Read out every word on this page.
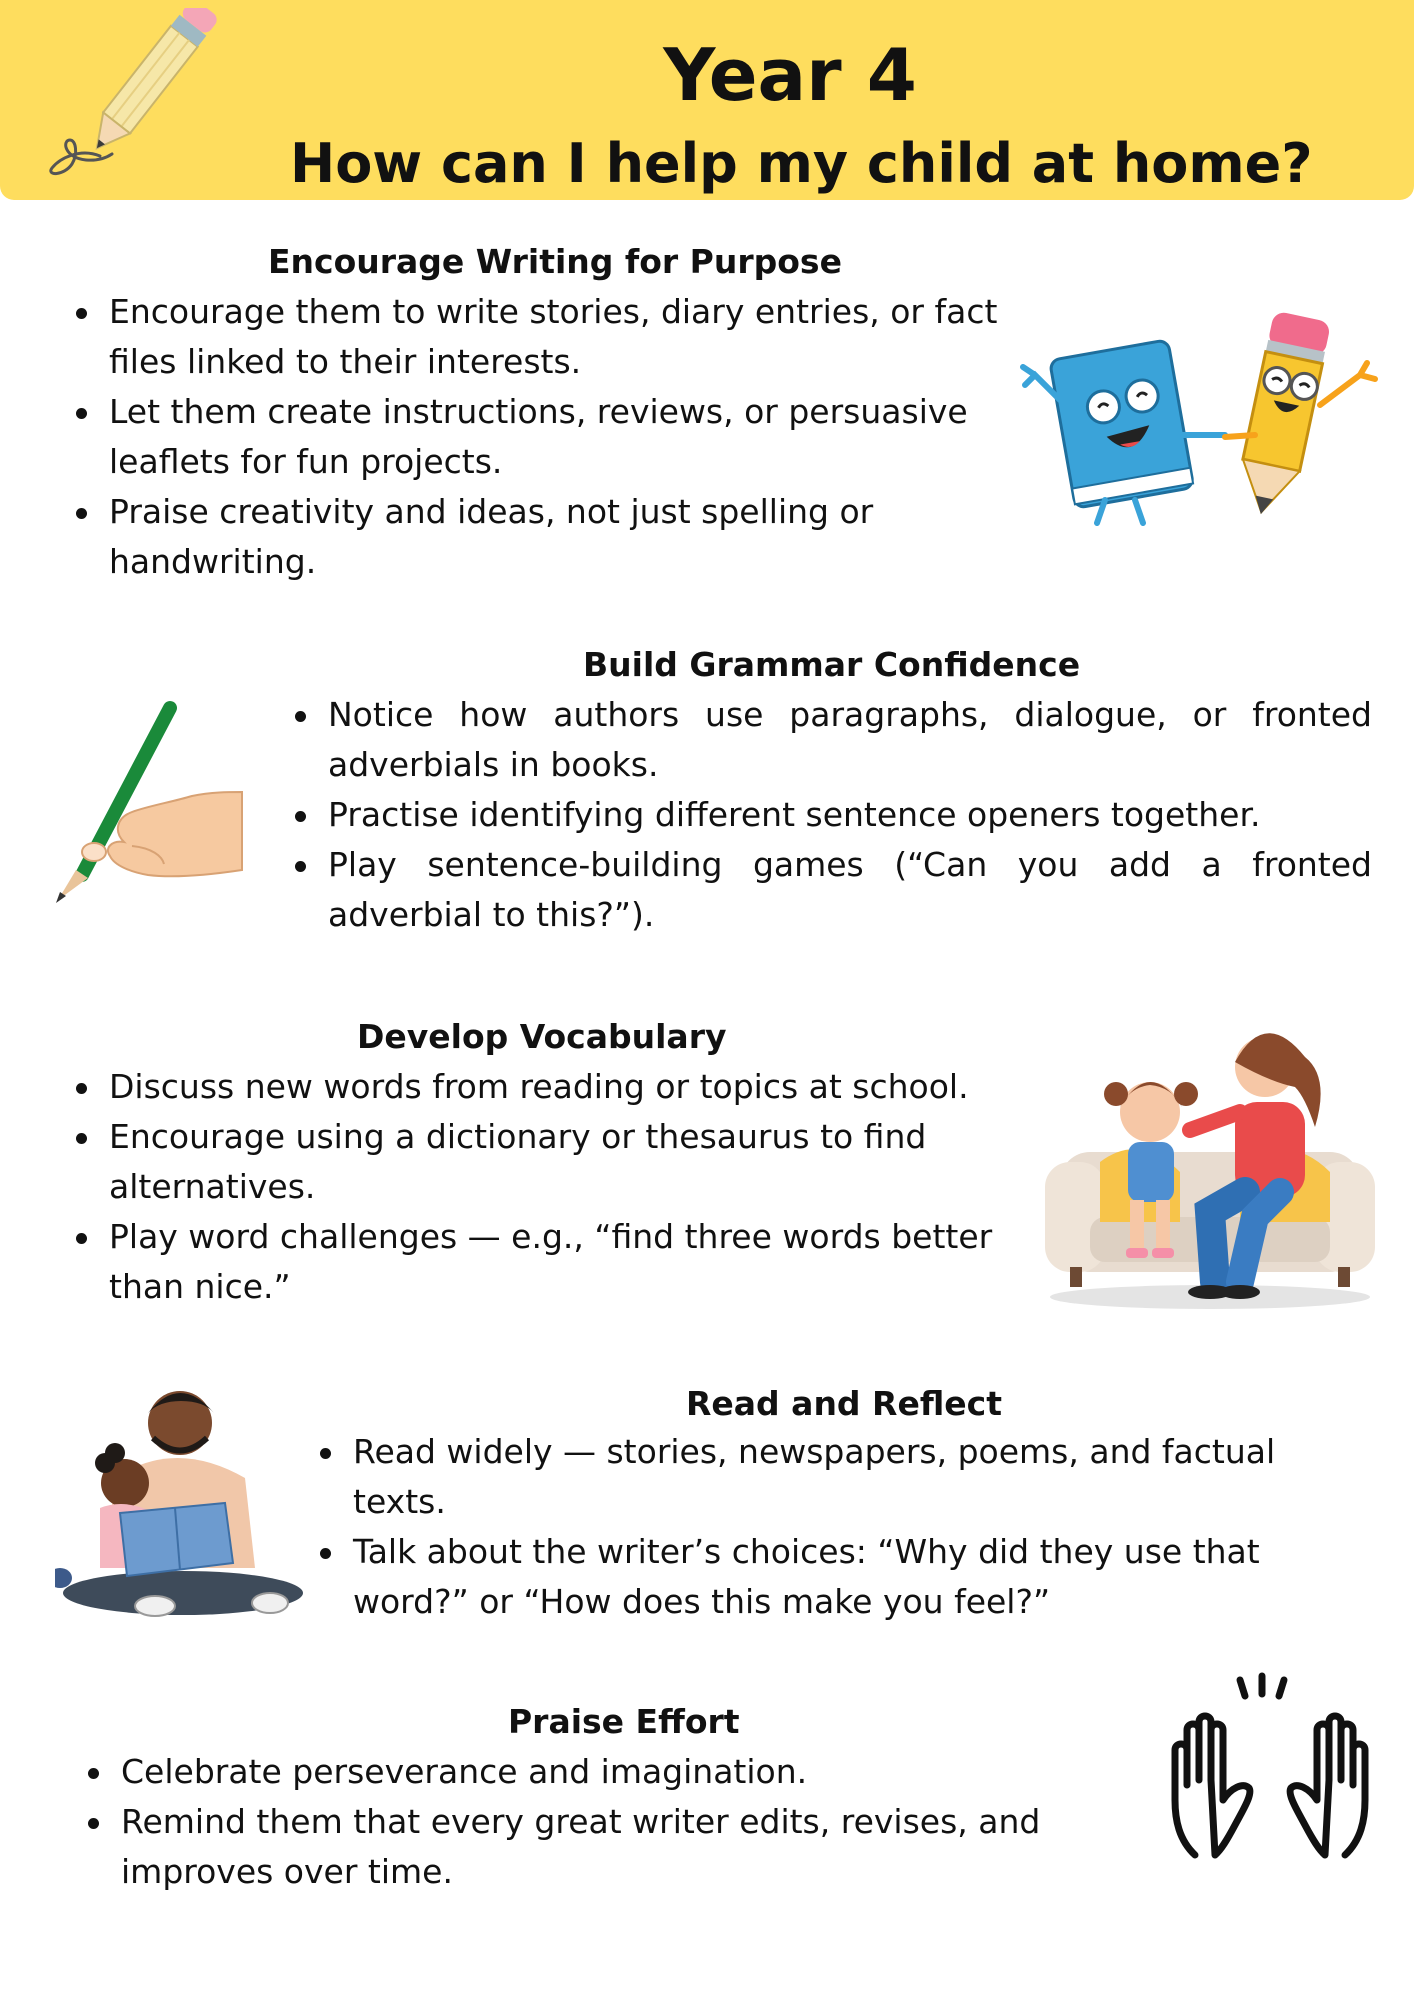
Year 4
How can I help my child at home?
Encourage Writing for Purpose
Encourage them to write stories, diary entries, or fact files linked to their interests.
Let them create instructions, reviews, or persuasive leaflets for fun projects.
Praise creativity and ideas, not just spelling or handwriting.
Build Grammar Confidence
Notice how authors use paragraphs, dialogue, or fronted adverbials in books.
Practise identifying different sentence openers together.
Play sentence-building games (“Can you add a fronted adverbial to this?”).
Develop Vocabulary
Discuss new words from reading or topics at school.
Encourage using a dictionary or thesaurus to find alternatives.
Play word challenges — e.g., “find three words better than nice.”
Read and Reflect
Read widely — stories, newspapers, poems, and factual texts.
Talk about the writer’s choices: “Why did they use that word?” or “How does this make you feel?”
Praise Effort
Celebrate perseverance and imagination.
Remind them that every great writer edits, revises, and improves over time.
